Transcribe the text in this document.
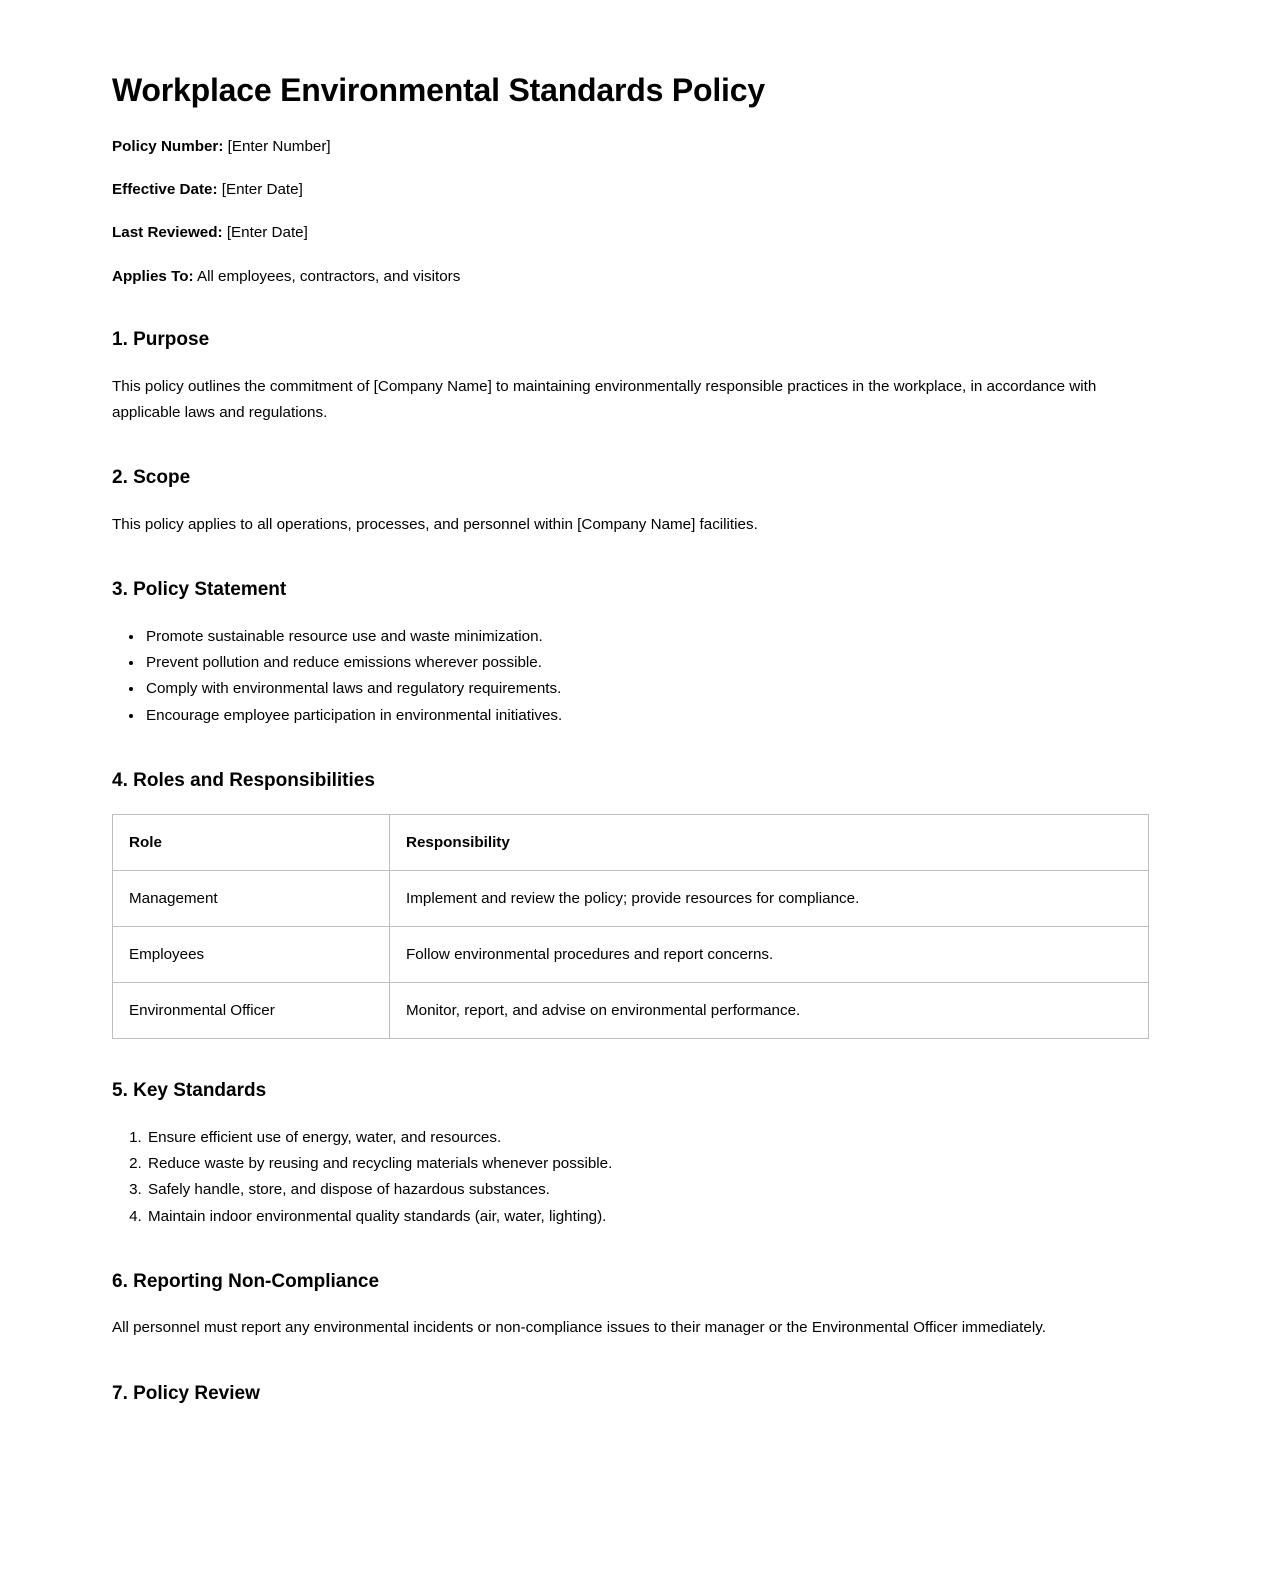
Workplace Environmental Standards Policy

Policy Number: [Enter Number]

Effective Date: [Enter Date]

Last Reviewed: [Enter Date]

Applies To: All employees, contractors, and visitors

1. Purpose

This policy outlines the commitment of [Company Name] to maintaining environmentally responsible practices in the workplace, in accordance with applicable laws and regulations.

2. Scope

This policy applies to all operations, processes, and personnel within [Company Name] facilities.

3. Policy Statement
• Promote sustainable resource use and waste minimization.
• Prevent pollution and reduce emissions wherever possible.
• Comply with environmental laws and regulatory requirements.
• Encourage employee participation in environmental initiatives.
4. Roles and Responsibilities
Role	Responsibility
Management	Implement and review the policy; provide resources for compliance.
Employees	Follow environmental procedures and report concerns.
Environmental Officer	Monitor, report, and advise on environmental performance.
5. Key Standards
1. Ensure efficient use of energy, water, and resources.
2. Reduce waste by reusing and recycling materials whenever possible.
3. Safely handle, store, and dispose of hazardous substances.
4. Maintain indoor environmental quality standards (air, water, lighting).
6. Reporting Non-Compliance

All personnel must report any environmental incidents or non-compliance issues to their manager or the Environmental Officer immediately.

7. Policy Review
